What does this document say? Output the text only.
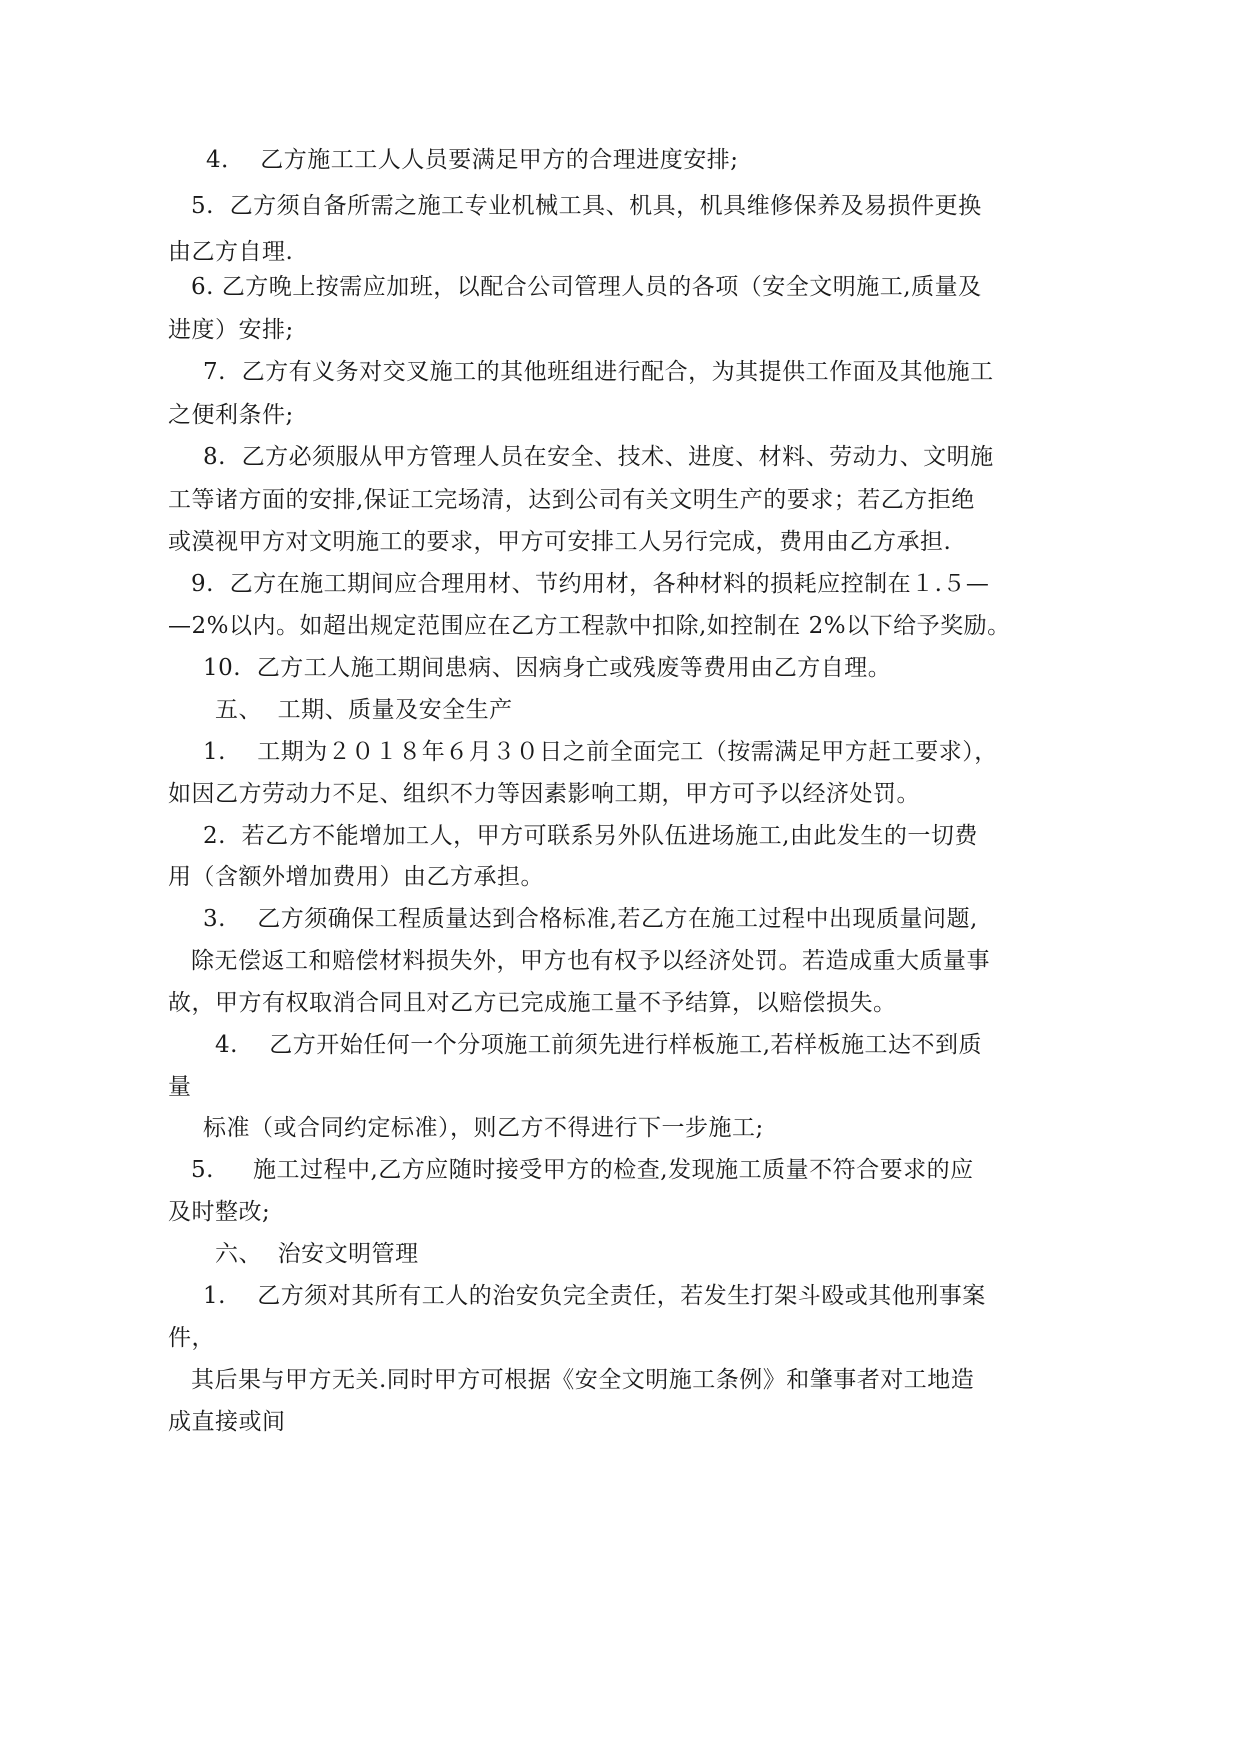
4．  乙方施工工人人员要满足甲方的合理进度安排;
5.  乙方须自备所需之施工专业机械工具、机具，机具维修保养及易损件更换
由乙方自理.
6. 乙方晚上按需应加班，以配合公司管理人员的各项（安全文明施工,质量及
进度）安排;
7.  乙方有义务对交叉施工的其他班组进行配合，为其提供工作面及其他施工
之便利条件;
8.  乙方必须服从甲方管理人员在安全、技术、进度、材料、劳动力、文明施
工等诸方面的安排,保证工完场清，达到公司有关文明生产的要求；若乙方拒绝
或漠视甲方对文明施工的要求，甲方可安排工人另行完成，费用由乙方承担.
9.  乙方在施工期间应合理用材、节约用材，各种材料的损耗应控制在１.５—
—2%以内。如超出规定范围应在乙方工程款中扣除,如控制在 2%以下给予奖励。
10.  乙方工人施工期间患病、因病身亡或残废等费用由乙方自理。
五、  工期、质量及安全生产
1.    工期为２０１８年６月３０日之前全面完工（按需满足甲方赶工要求），
如因乙方劳动力不足、组织不力等因素影响工期，甲方可予以经济处罚。
2.  若乙方不能增加工人，甲方可联系另外队伍进场施工,由此发生的一切费
用（含额外增加费用）由乙方承担。
3.    乙方须确保工程质量达到合格标准,若乙方在施工过程中出现质量问题,
除无偿返工和赔偿材料损失外，甲方也有权予以经济处罚。若造成重大质量事
故，甲方有权取消合同且对乙方已完成施工量不予结算，以赔偿损失。
4.    乙方开始任何一个分项施工前须先进行样板施工,若样板施工达不到质
量
标准（或合同约定标准），则乙方不得进行下一步施工;
5.     施工过程中,乙方应随时接受甲方的检查,发现施工质量不符合要求的应
及时整改;
六、  治安文明管理
1.    乙方须对其所有工人的治安负完全责任，若发生打架斗殴或其他刑事案
件，
其后果与甲方无关.同时甲方可根据《安全文明施工条例》和肇事者对工地造
成直接或间
